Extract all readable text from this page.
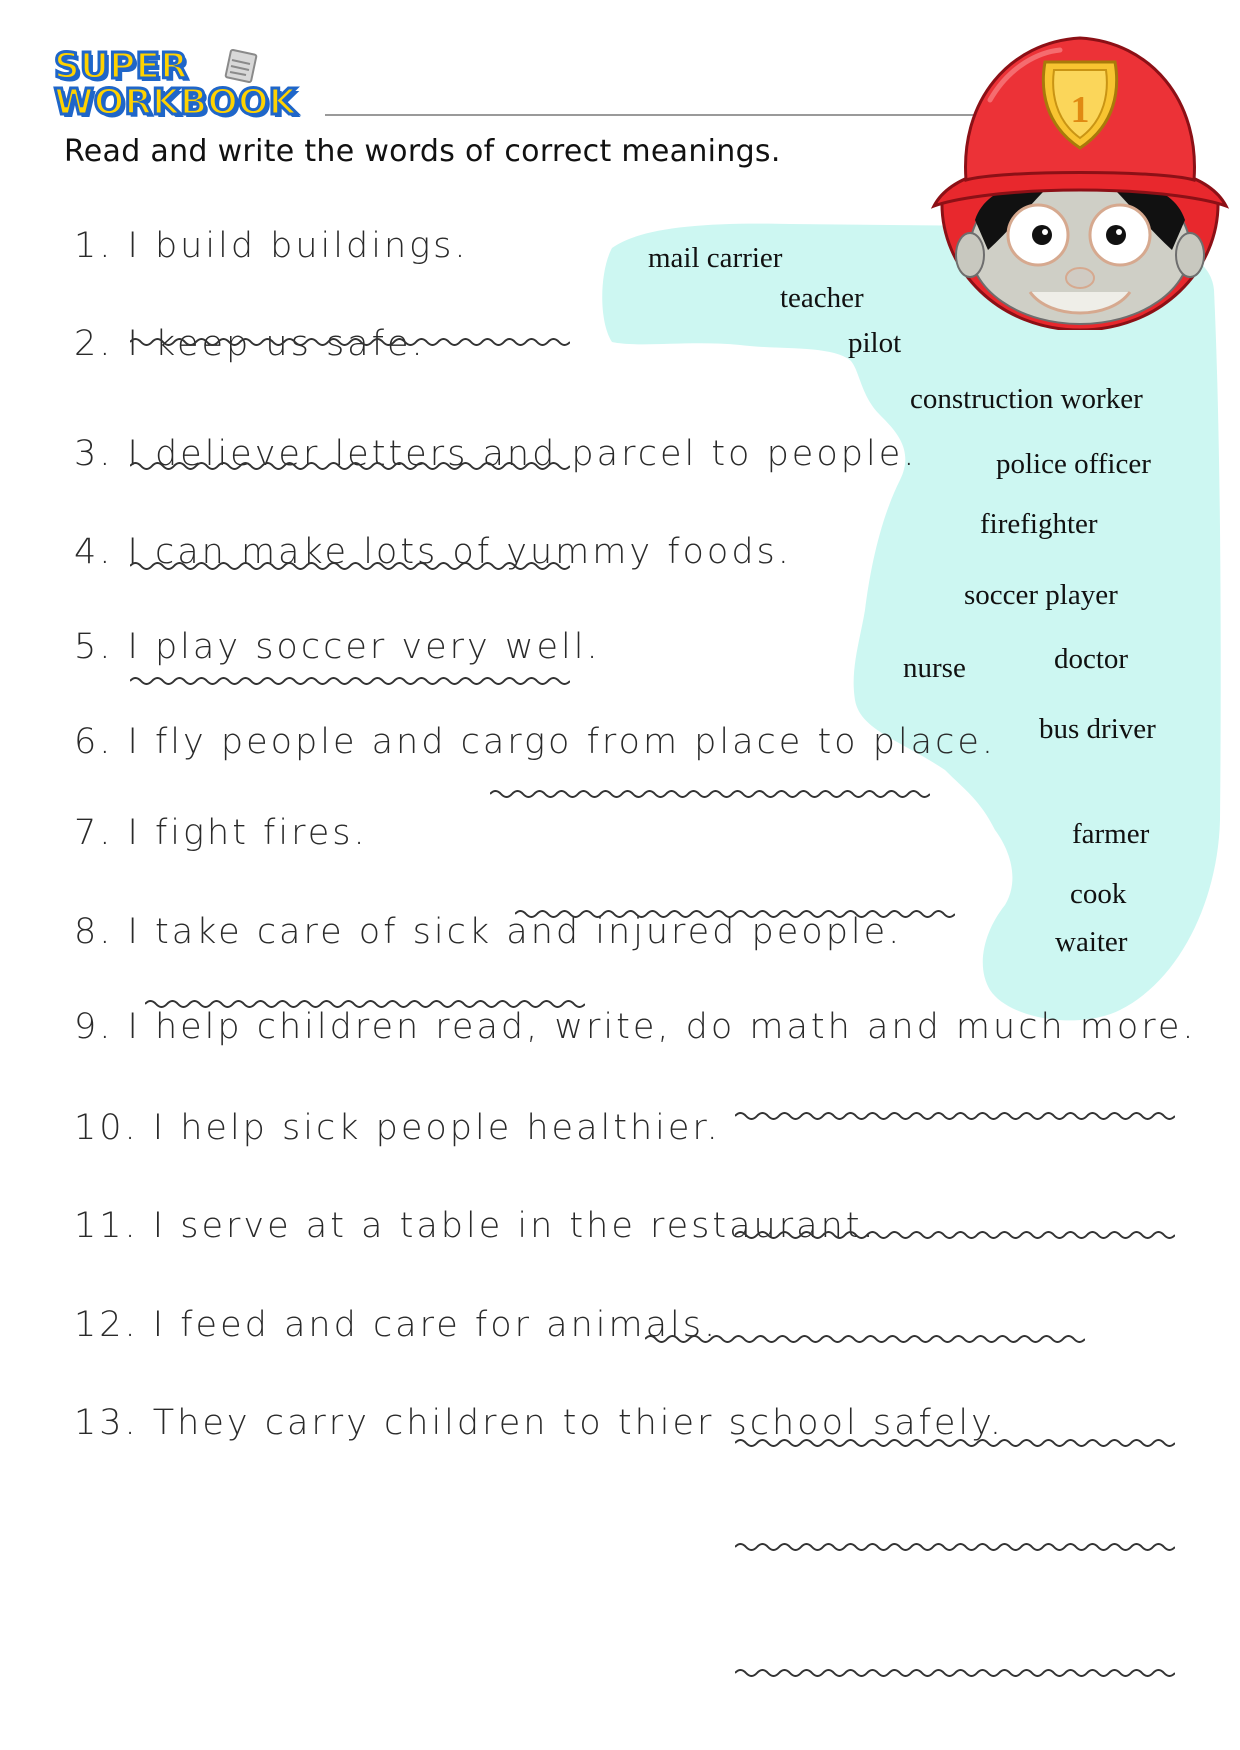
SUPER
WORKBOOK
Read and write the words of correct meanings.
mail carrier
teacher
pilot
construction worker
police officer
firefighter
soccer player
nurse	doctor
bus driver
farmer
cook
waiter
1
1. I build buildings.
2. I keep us safe.
3. I deliever letters and parcel to people.
4. I can make lots of yummy foods.
5. I play soccer very well.
6. I fly people and cargo from place to place.
7. I fight fires.
8. I take care of sick and injured people.
9. I help children read, write, do math and much more.
10. I help sick people healthier.
11. I serve at a table in the restaurant.
12. I feed and care for animals.
13. They carry children to thier school safely.
